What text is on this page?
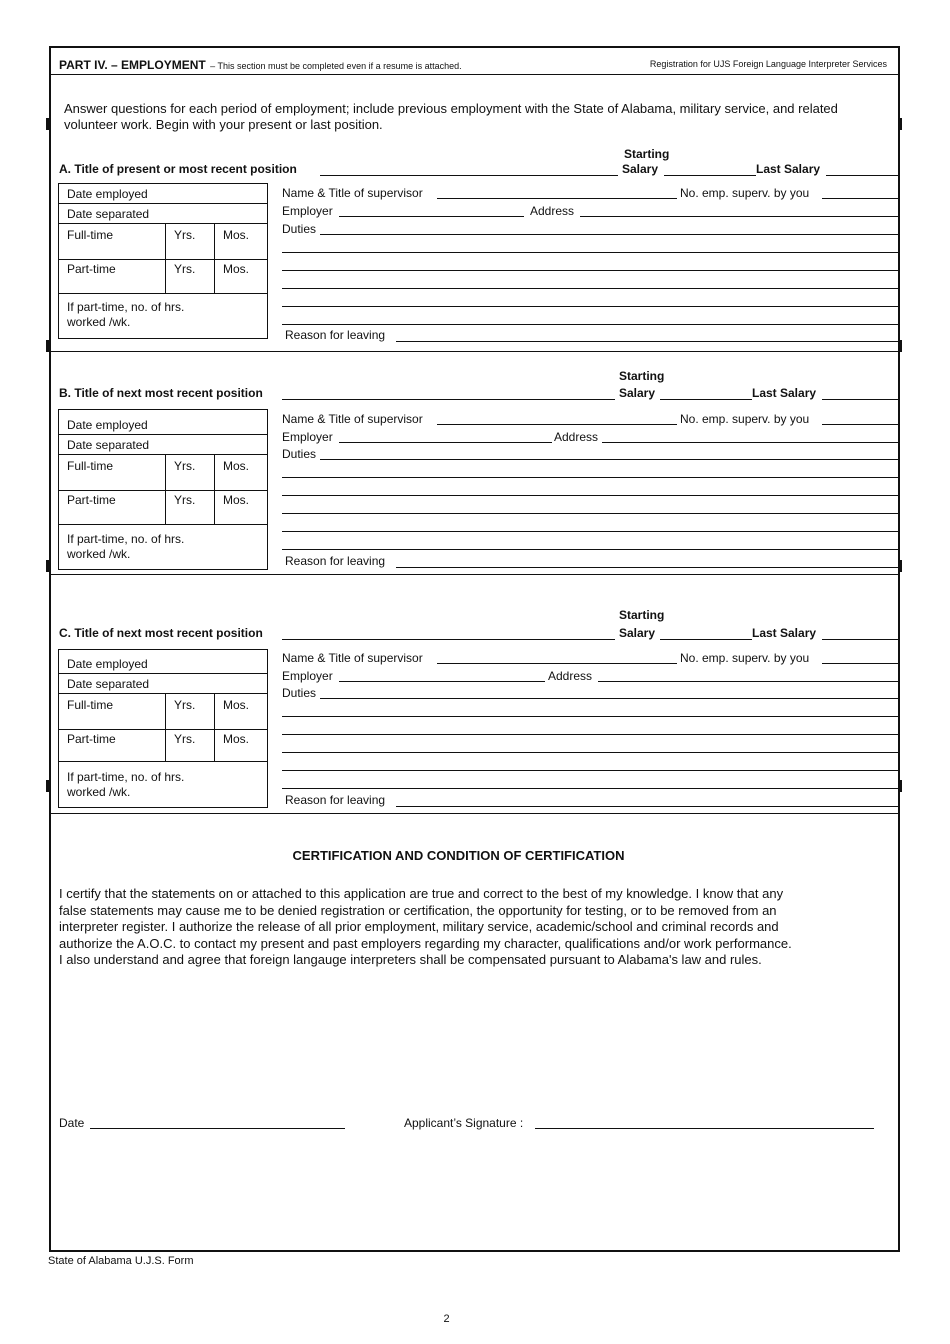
PART IV. – EMPLOYMENT – This section must be completed even if a resume is attached.	Registration for UJS Foreign Language Interpreter Services
Answer questions for each period of employment; include previous employment with the State of Alabama, military service, and related volunteer work. Begin with your present or last position.
A. Title of present or most recent position
Starting
Salary	Last Salary
Date employed
Date separated
Full-time	Yrs. Mos.
Part-time	Yrs. Mos.
If part-time, no. of hrs.
worked /wk.
Name & Title of supervisor	No. emp. superv. by you
Employer	Address
Duties
Reason for leaving
B. Title of next most recent position
Starting
Salary	Last Salary
Date employed
Date separated
Full-time	Yrs. Mos.
Part-time	Yrs. Mos.
If part-time, no. of hrs.
worked /wk.
Name & Title of supervisor	No. emp. superv. by you
Employer	Address
Duties
Reason for leaving
C. Title of next most recent position
Starting
Salary	Last Salary
Date employed
Date separated
Full-time	Yrs. Mos.
Part-time	Yrs. Mos.
If part-time, no. of hrs.
worked /wk.
Name & Title of supervisor	No. emp. superv. by you
Employer	Address
Duties
Reason for leaving
CERTIFICATION AND CONDITION OF CERTIFICATION
I certify that the statements on or attached to this application are true and correct to the best of my knowledge. I know that any
false statements may cause me to be denied registration or certification, the opportunity for testing, or to be removed from an
interpreter register. I authorize the release of all prior employment, military service, academic/school and criminal records and
authorize the A.O.C. to contact my present and past employers regarding my character, qualifications and/or work performance.
I also understand and agree that foreign langauge interpreters shall be compensated pursuant to Alabama's law and rules.
Date	Applicant’s Signature :
State of Alabama U.J.S. Form
2
